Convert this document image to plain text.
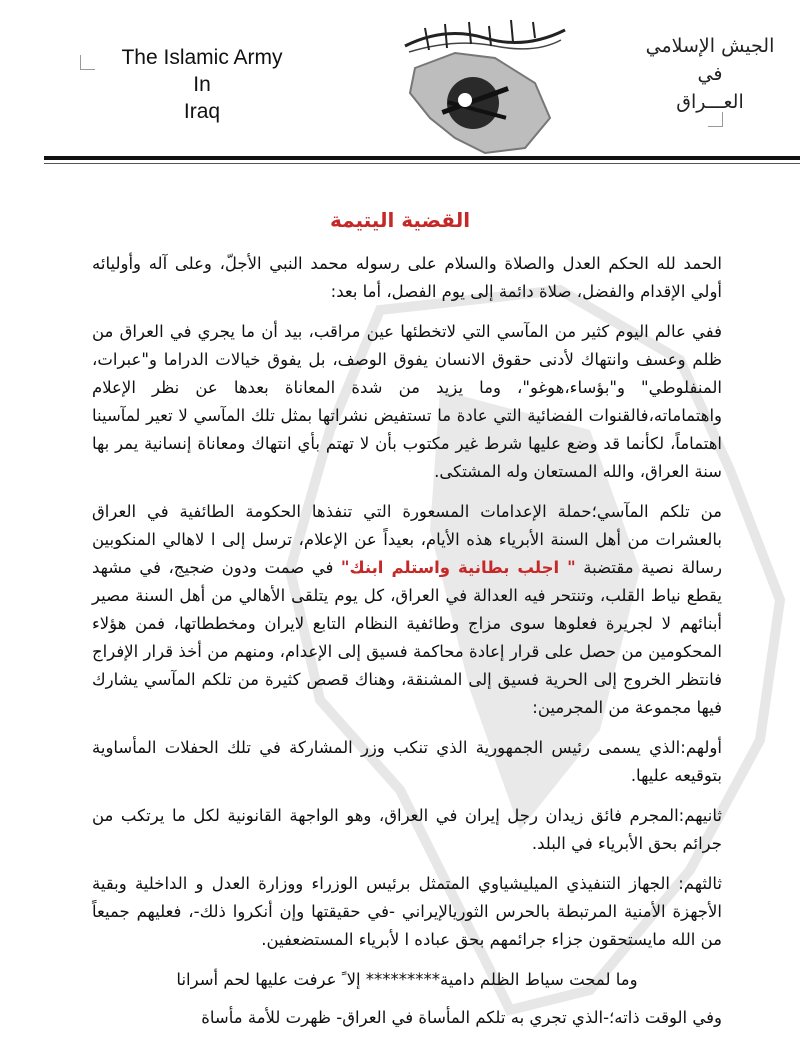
The Islamic Army
In
Iraq
الجيش الإسلامي
في
العـــراق
القضية اليتيمة

الحمد لله الحكم العدل والصلاة والسلام على رسوله محمد النبي الأجلّ، وعلى آله وأوليائه أولي الإقدام والفضل، صلاة دائمة إلى يوم الفصل، أما بعد:

ففي عالم اليوم كثير من المآسي التي لاتخطئها عين مراقب، بيد أن ما يجري في العراق من ظلم وعسف وانتهاك لأدنى حقوق الانسان يفوق الوصف، بل يفوق خيالات الدراما و"عبرات، المنفلوطي" و"بؤساء،هوغو"، وما يزيد من شدة المعاناة بعدها عن نظر الإعلام واهتماماته،فالقنوات الفضائية التي عادة ما تستفيض نشراتها بمثل تلك المآسي لا تعير لمآسينا اهتماماً، لكأنما قد وضع عليها شرط غير مكتوب بأن لا تهتم بأي انتهاك ومعاناة إنسانية يمر بها سنة العراق، والله المستعان وله المشتكى.

من تلكم المآسي؛حملة الإعدامات المسعورة التي تنفذها الحكومة الطائفية في العراق بالعشرات من أهل السنة الأبرياء هذه الأيام، بعيداً عن الإعلام، ترسل إلى ا لاهالي المنكوبين رسالة نصية مقتضبة " اجلب بطانية واستلم ابنك" في صمت ودون ضجيج، في مشهد يقطع نياط القلب، وتنتحر فيه العدالة في العراق، كل يوم يتلقى الأهالي من أهل السنة مصير أبنائهم لا لجريرة فعلوها سوى مزاج وطائفية النظام التابع لايران ومخططاتها، فمن هؤلاء المحكومين من حصل على قرار إعادة محاكمة فسيق إلى الإعدام، ومنهم من أخذ قرار الإفراج فانتظر الخروج إلى الحرية فسيق إلى المشنقة، وهناك قصص كثيرة من تلكم المآسي يشارك فيها مجموعة من المجرمين:

أولهم:الذي يسمى رئيس الجمهورية الذي تنكب وزر المشاركة في تلك الحفلات المأساوية بتوقيعه عليها.

ثانيهم:المجرم فائق زيدان رجل إيران في العراق، وهو الواجهة القانونية لكل ما يرتكب من جرائم بحق الأبرياء في البلد.

ثالثهم: الجهاز التنفيذي الميليشياوي المتمثل برئيس الوزراء ووزارة العدل و الداخلية وبقية الأجهزة الأمنية المرتبطة بالحرس الثوريالإيراني -في حقيقتها وإن أنكروا ذلك-، فعليهم جميعاً من الله مايستحقون جزاء جرائمهم بحق عباده ا لأبرياء المستضعفين.

وما لمحت سياط الظلم دامية********* إلا ً عرفت عليها لحم أسرانا

وفي الوقت ذاته؛-الذي تجري به تلكم المأساة في العراق- ظهرت للأمة مأساة
